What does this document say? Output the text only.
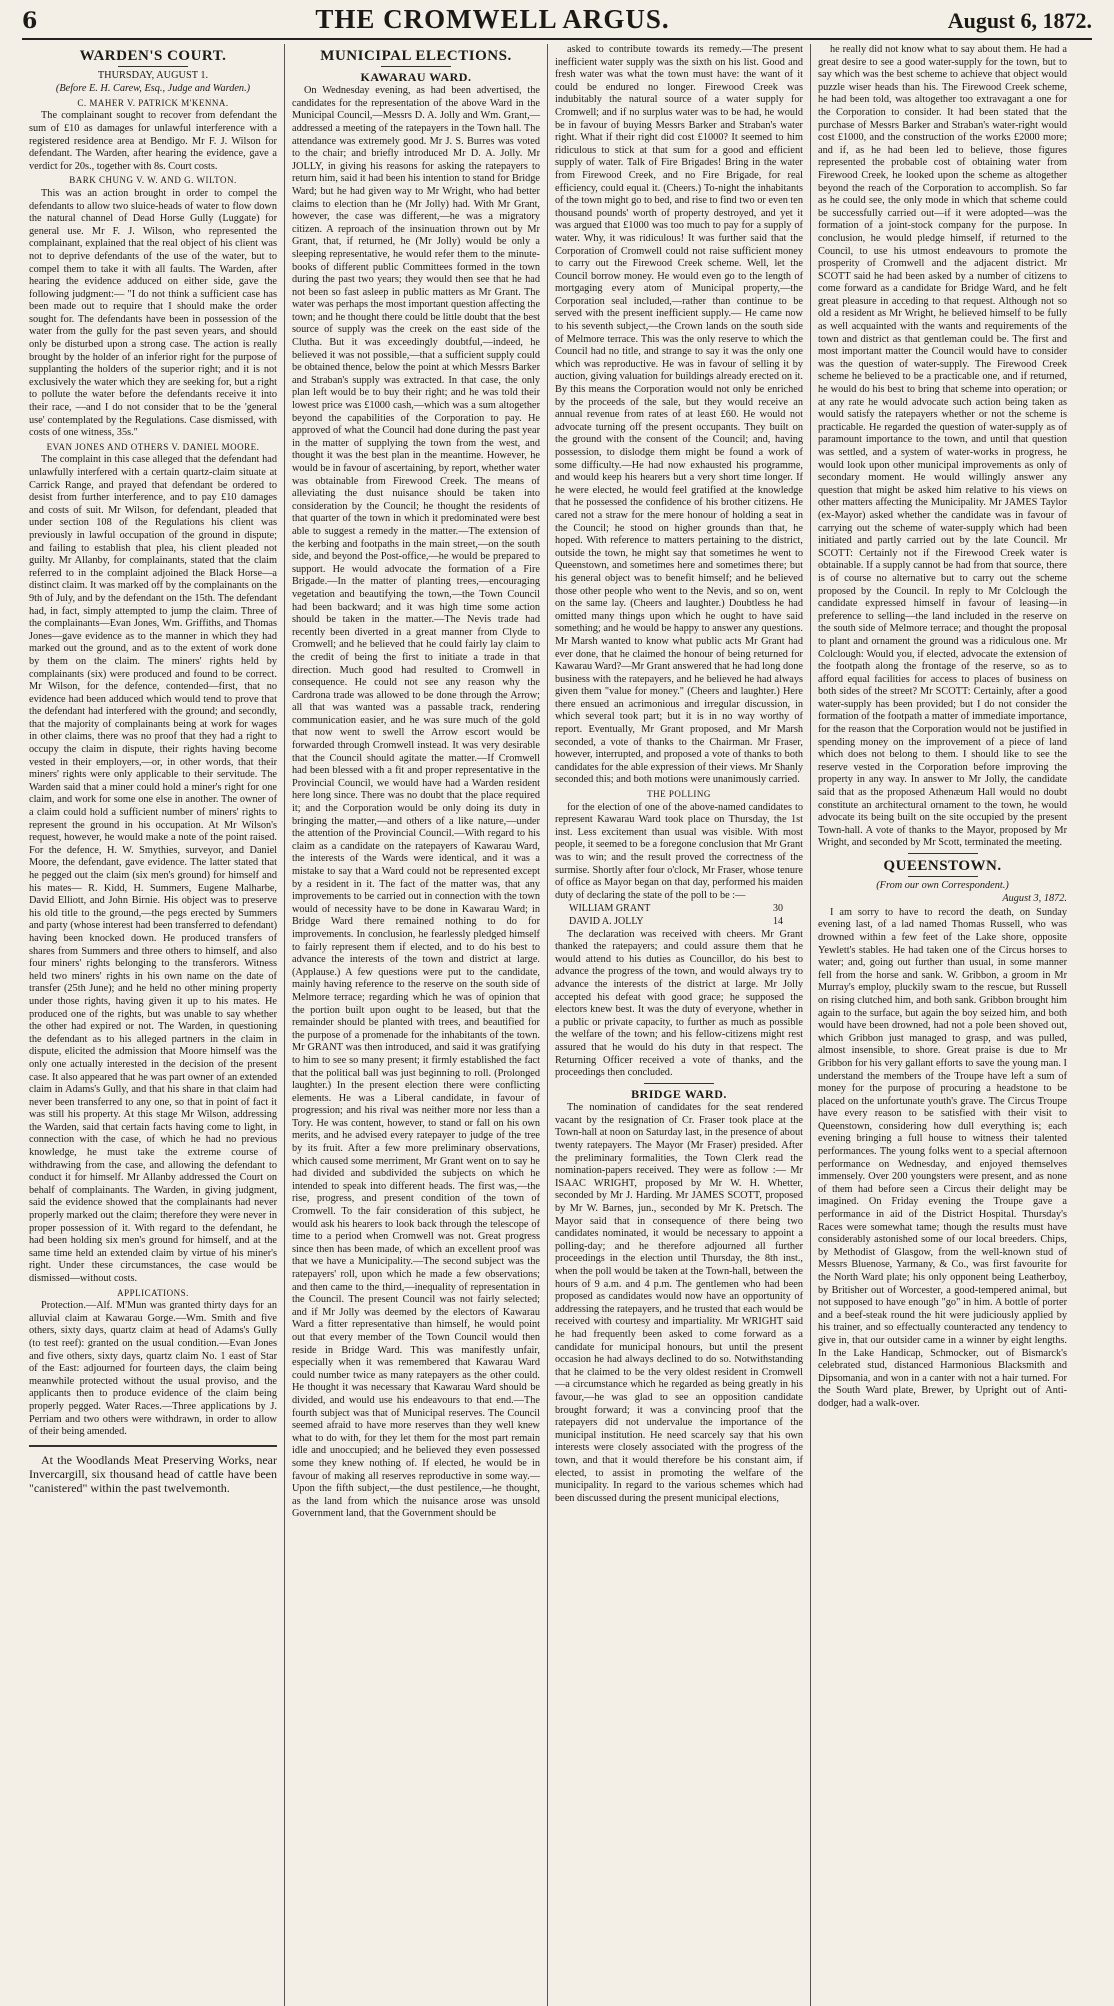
6	THE CROMWELL ARGUS.	August 6, 1872.
WARDEN'S COURT.

THURSDAY, AUGUST 1.

(Before E. H. Carew, Esq., Judge and Warden.)

C. MAHER V. PATRICK M'KENNA.

The complainant sought to recover from defendant the sum of £10 as damages for unlawful interference with a registered residence area at Bendigo. Mr F. J. Wilson for defendant. The Warden, after hearing the evidence, gave a verdict for 20s., together with 8s. Court costs.

BARK CHUNG V. W. AND G. WILTON.

This was an action brought in order to compel the defendants to allow two sluice-heads of water to flow down the natural channel of Dead Horse Gully (Luggate) for general use. Mr F. J. Wilson, who represented the complainant, explained that the real object of his client was not to deprive defendants of the use of the water, but to compel them to take it with all faults. The Warden, after hearing the evidence adduced on either side, gave the following judgment:— "I do not think a sufficient case has been made out to require that I should make the order sought for. The defendants have been in possession of the water from the gully for the past seven years, and should only be disturbed upon a strong case. The action is really brought by the holder of an inferior right for the purpose of supplanting the holders of the superior right; and it is not exclusively the water which they are seeking for, but a right to pollute the water before the defendants receive it into their race, —and I do not consider that to be the 'general use' contemplated by the Regulations. Case dismissed, with costs of one witness, 35s."

EVAN JONES AND OTHERS V. DANIEL MOORE.

The complaint in this case alleged that the defendant had unlawfully interfered with a certain quartz-claim situate at Carrick Range, and prayed that defendant be ordered to desist from further interference, and to pay £10 damages and costs of suit. Mr Wilson, for defendant, pleaded that under section 108 of the Regulations his client was previously in lawful occupation of the ground in dispute; and failing to establish that plea, his client pleaded not guilty. Mr Allanby, for complainants, stated that the claim referred to in the complaint adjoined the Black Horse—a distinct claim. It was marked off by the complainants on the 9th of July, and by the defendant on the 15th. The defendant had, in fact, simply attempted to jump the claim. Three of the complainants—Evan Jones, Wm. Griffiths, and Thomas Jones—gave evidence as to the manner in which they had marked out the ground, and as to the extent of work done by them on the claim. The miners' rights held by complainants (six) were produced and found to be correct. Mr Wilson, for the defence, contended—first, that no evidence had been adduced which would tend to prove that the defendant had interfered with the ground; and secondly, that the majority of complainants being at work for wages in other claims, there was no proof that they had a right to occupy the claim in dispute, their rights having become vested in their employers,—or, in other words, that their miners' rights were only applicable to their servitude. The Warden said that a miner could hold a miner's right for one claim, and work for some one else in another. The owner of a claim could hold a sufficient number of miners' rights to represent the ground in his occupation. At Mr Wilson's request, however, he would make a note of the point raised. For the defence, H. W. Smythies, surveyor, and Daniel Moore, the defendant, gave evidence. The latter stated that he pegged out the claim (six men's ground) for himself and his mates— R. Kidd, H. Summers, Eugene Malharbe, David Elliott, and John Birnie. His object was to preserve his old title to the ground,—the pegs erected by Summers and party (whose interest had been transferred to defendant) having been knocked down. He produced transfers of shares from Summers and three others to himself, and also four miners' rights belonging to the transferors. Witness held two miners' rights in his own name on the date of transfer (25th June); and he held no other mining property under those rights, having given it up to his mates. He produced one of the rights, but was unable to say whether the other had expired or not. The Warden, in questioning the defendant as to his alleged partners in the claim in dispute, elicited the admission that Moore himself was the only one actually interested in the decision of the present case. It also appeared that he was part owner of an extended claim in Adams's Gully, and that his share in that claim had never been transferred to any one, so that in point of fact it was still his property. At this stage Mr Wilson, addressing the Warden, said that certain facts having come to light, in connection with the case, of which he had no previous knowledge, he must take the extreme course of withdrawing from the case, and allowing the defendant to conduct it for himself. Mr Allanby addressed the Court on behalf of complainants. The Warden, in giving judgment, said the evidence showed that the complainants had never properly marked out the claim; therefore they were never in proper possession of it. With regard to the defendant, he had been holding six men's ground for himself, and at the same time held an extended claim by virtue of his miner's right. Under these circumstances, the case would be dismissed—without costs.

APPLICATIONS.

Protection.—Alf. M'Mun was granted thirty days for an alluvial claim at Kawarau Gorge.—Wm. Smith and five others, sixty days, quartz claim at head of Adams's Gully (to test reef): granted on the usual condition.—Evan Jones and five others, sixty days, quartz claim No. 1 east of Star of the East: adjourned for fourteen days, the claim being meanwhile protected without the usual proviso, and the applicants then to produce evidence of the claim being properly pegged. Water Races.—Three applications by J. Perriam and two others were withdrawn, in order to allow of their being amended.

At the Woodlands Meat Preserving Works, near Invercargill, six thousand head of cattle have been "canistered" within the past twelvemonth.

MUNICIPAL ELECTIONS.
KAWARAU WARD.

On Wednesday evening, as had been advertised, the candidates for the representation of the above Ward in the Municipal Council,—Messrs D. A. Jolly and Wm. Grant,—addressed a meeting of the ratepayers in the Town hall. The attendance was extremely good. Mr J. S. Burres was voted to the chair; and briefly introduced Mr D. A. Jolly. Mr JOLLY, in giving his reasons for asking the ratepayers to return him, said it had been his intention to stand for Bridge Ward; but he had given way to Mr Wright, who had better claims to election than he (Mr Jolly) had. With Mr Grant, however, the case was different,—he was a migratory citizen. A reproach of the insinuation thrown out by Mr Grant, that, if returned, he (Mr Jolly) would be only a sleeping representative, he would refer them to the minute-books of different public Committees formed in the town during the past two years; they would then see that he had not been so fast asleep in public matters as Mr Grant. The water was perhaps the most important question affecting the town; and he thought there could be little doubt that the best source of supply was the creek on the east side of the Clutha. But it was exceedingly doubtful,—indeed, he believed it was not possible,—that a sufficient supply could be obtained thence, below the point at which Messrs Barker and Straban's supply was extracted. In that case, the only plan left would be to buy their right; and he was told their lowest price was £1000 cash,—which was a sum altogether beyond the capabilities of the Corporation to pay. He approved of what the Council had done during the past year in the matter of supplying the town from the west, and thought it was the best plan in the meantime. However, he would be in favour of ascertaining, by report, whether water was obtainable from Firewood Creek. The means of alleviating the dust nuisance should be taken into consideration by the Council; he thought the residents of that quarter of the town in which it predominated were best able to suggest a remedy in the matter.—The extension of the kerbing and footpaths in the main street,—on the south side, and beyond the Post-office,—he would be prepared to support. He would advocate the formation of a Fire Brigade.—In the matter of planting trees,—encouraging vegetation and beautifying the town,—the Town Council had been backward; and it was high time some action should be taken in the matter.—The Nevis trade had recently been diverted in a great manner from Clyde to Cromwell; and he believed that he could fairly lay claim to the credit of being the first to initiate a trade in that direction. Much good had resulted to Cromwell in consequence. He could not see any reason why the Cardrona trade was allowed to be done through the Arrow; all that was wanted was a passable track, rendering communication easier, and he was sure much of the gold that now went to swell the Arrow escort would be forwarded through Cromwell instead. It was very desirable that the Council should agitate the matter.—If Cromwell had been blessed with a fit and proper representative in the Provincial Council, we would have had a Warden resident here long since. There was no doubt that the place required it; and the Corporation would be only doing its duty in bringing the matter,—and others of a like nature,—under the attention of the Provincial Council.—With regard to his claim as a candidate on the ratepayers of Kawarau Ward, the interests of the Wards were identical, and it was a mistake to say that a Ward could not be represented except by a resident in it. The fact of the matter was, that any improvements to be carried out in connection with the town would of necessity have to be done in Kawarau Ward; in Bridge Ward there remained nothing to do for improvements. In conclusion, he fearlessly pledged himself to fairly represent them if elected, and to do his best to advance the interests of the town and district at large. (Applause.) A few questions were put to the candidate, mainly having reference to the reserve on the south side of Melmore terrace; regarding which he was of opinion that the portion built upon ought to be leased, but that the remainder should be planted with trees, and beautified for the purpose of a promenade for the inhabitants of the town. Mr GRANT was then introduced, and said it was gratifying to him to see so many present; it firmly established the fact that the political ball was just beginning to roll. (Prolonged laughter.) In the present election there were conflicting elements. He was a Liberal candidate, in favour of progression; and his rival was neither more nor less than a Tory. He was content, however, to stand or fall on his own merits, and he advised every ratepayer to judge of the tree by its fruit. After a few more preliminary observations, which caused some merriment, Mr Grant went on to say he had divided and subdivided the subjects on which he intended to speak into different heads. The first was,—the rise, progress, and present condition of the town of Cromwell. To the fair consideration of this subject, he would ask his hearers to look back through the telescope of time to a period when Cromwell was not. Great progress since then has been made, of which an excellent proof was that we have a Municipality.—The second subject was the ratepayers' roll, upon which he made a few observations; and then came to the third,—inequality of representation in the Council. The present Council was not fairly selected; and if Mr Jolly was deemed by the electors of Kawarau Ward a fitter representative than himself, he would point out that every member of the Town Council would then reside in Bridge Ward. This was manifestly unfair, especially when it was remembered that Kawarau Ward could number twice as many ratepayers as the other could. He thought it was necessary that Kawarau Ward should be divided, and would use his endeavours to that end.—The fourth subject was that of Municipal reserves. The Council seemed afraid to have more reserves than they well knew what to do with, for they let them for the most part remain idle and unoccupied; and he believed they even possessed some they knew nothing of. If elected, he would be in favour of making all reserves reproductive in some way.—Upon the fifth subject,—the dust pestilence,—he thought, as the land from which the nuisance arose was unsold Government land, that the Government should be

asked to contribute towards its remedy.—The present inefficient water supply was the sixth on his list. Good and fresh water was what the town must have: the want of it could be endured no longer. Firewood Creek was indubitably the natural source of a water supply for Cromwell; and if no surplus water was to be had, he would be in favour of buying Messrs Barker and Straban's water right. What if their right did cost £1000? It seemed to him ridiculous to stick at that sum for a good and efficient supply of water. Talk of Fire Brigades! Bring in the water from Firewood Creek, and no Fire Brigade, for real efficiency, could equal it. (Cheers.) To-night the inhabitants of the town might go to bed, and rise to find two or even ten thousand pounds' worth of property destroyed, and yet it was argued that £1000 was too much to pay for a supply of water. Why, it was ridiculous! It was further said that the Corporation of Cromwell could not raise sufficient money to carry out the Firewood Creek scheme. Well, let the Council borrow money. He would even go to the length of mortgaging every atom of Municipal property,—the Corporation seal included,—rather than continue to be served with the present inefficient supply.— He came now to his seventh subject,—the Crown lands on the south side of Melmore terrace. This was the only reserve to which the Council had no title, and strange to say it was the only one which was reproductive. He was in favour of selling it by auction, giving valuation for buildings already erected on it. By this means the Corporation would not only be enriched by the proceeds of the sale, but they would receive an annual revenue from rates of at least £60. He would not advocate turning off the present occupants. They built on the ground with the consent of the Council; and, having possession, to dislodge them might be found a work of some difficulty.—He had now exhausted his programme, and would keep his hearers but a very short time longer. If he were elected, he would feel gratified at the knowledge that he possessed the confidence of his brother citizens. He cared not a straw for the mere honour of holding a seat in the Council; he stood on higher grounds than that, he hoped. With reference to matters pertaining to the district, outside the town, he might say that sometimes he went to Queenstown, and sometimes here and sometimes there; but his general object was to benefit himself; and he believed those other people who went to the Nevis, and so on, went on the same lay. (Cheers and laughter.) Doubtless he had omitted many things upon which he ought to have said something; and he would be happy to answer any questions. Mr Marsh wanted to know what public acts Mr Grant had ever done, that he claimed the honour of being returned for Kawarau Ward?—Mr Grant answered that he had long done business with the ratepayers, and he believed he had always given them "value for money." (Cheers and laughter.) Here there ensued an acrimonious and irregular discussion, in which several took part; but it is in no way worthy of report. Eventually, Mr Grant proposed, and Mr Marsh seconded, a vote of thanks to the Chairman. Mr Fraser, however, interrupted, and proposed a vote of thanks to both candidates for the able expression of their views. Mr Shanly seconded this; and both motions were unanimously carried.

THE POLLING

for the election of one of the above-named candidates to represent Kawarau Ward took place on Thursday, the 1st inst. Less excitement than usual was visible. With most people, it seemed to be a foregone conclusion that Mr Grant was to win; and the result proved the correctness of the surmise. Shortly after four o'clock, Mr Fraser, whose tenure of office as Mayor began on that day, performed his maiden duty of declaring the state of the poll to be :—

WILLIAM GRANT	30
DAVID A. JOLLY	14

The declaration was received with cheers. Mr Grant thanked the ratepayers; and could assure them that he would attend to his duties as Councillor, do his best to advance the progress of the town, and would always try to advance the interests of the district at large. Mr Jolly accepted his defeat with good grace; he supposed the electors knew best. It was the duty of everyone, whether in a public or private capacity, to further as much as possible the welfare of the town; and his fellow-citizens might rest assured that he would do his duty in that respect. The Returning Officer received a vote of thanks, and the proceedings then concluded.

BRIDGE WARD.

The nomination of candidates for the seat rendered vacant by the resignation of Cr. Fraser took place at the Town-hall at noon on Saturday last, in the presence of about twenty ratepayers. The Mayor (Mr Fraser) presided. After the preliminary formalities, the Town Clerk read the nomination-papers received. They were as follow :— Mr ISAAC WRIGHT, proposed by Mr W. H. Whetter, seconded by Mr J. Harding. Mr JAMES SCOTT, proposed by Mr W. Barnes, jun., seconded by Mr K. Pretsch. The Mayor said that in consequence of there being two candidates nominated, it would be necessary to appoint a polling-day; and he therefore adjourned all further proceedings in the election until Thursday, the 8th inst., when the poll would be taken at the Town-hall, between the hours of 9 a.m. and 4 p.m. The gentlemen who had been proposed as candidates would now have an opportunity of addressing the ratepayers, and he trusted that each would be received with courtesy and impartiality. Mr WRIGHT said he had frequently been asked to come forward as a candidate for municipal honours, but until the present occasion he had always declined to do so. Notwithstanding that he claimed to be the very oldest resident in Cromwell—a circumstance which he regarded as being greatly in his favour,—he was glad to see an opposition candidate brought forward; it was a convincing proof that the ratepayers did not undervalue the importance of the municipal institution. He need scarcely say that his own interests were closely associated with the progress of the town, and that it would therefore be his constant aim, if elected, to assist in promoting the welfare of the municipality. In regard to the various schemes which had been discussed during the present municipal elections,

he really did not know what to say about them. He had a great desire to see a good water-supply for the town, but to say which was the best scheme to achieve that object would puzzle wiser heads than his. The Firewood Creek scheme, he had been told, was altogether too extravagant a one for the Corporation to consider. It had been stated that the purchase of Messrs Barker and Straban's water-right would cost £1000, and the construction of the works £2000 more; and if, as he had been led to believe, those figures represented the probable cost of obtaining water from Firewood Creek, he looked upon the scheme as altogether beyond the reach of the Corporation to accomplish. So far as he could see, the only mode in which that scheme could be successfully carried out—if it were adopted—was the formation of a joint-stock company for the purpose. In conclusion, he would pledge himself, if returned to the Council, to use his utmost endeavours to promote the prosperity of Cromwell and the adjacent district. Mr SCOTT said he had been asked by a number of citizens to come forward as a candidate for Bridge Ward, and he felt great pleasure in acceding to that request. Although not so old a resident as Mr Wright, he believed himself to be fully as well acquainted with the wants and requirements of the town and district as that gentleman could be. The first and most important matter the Council would have to consider was the question of water-supply. The Firewood Creek scheme he believed to be a practicable one, and if returned, he would do his best to bring that scheme into operation; or at any rate he would advocate such action being taken as would satisfy the ratepayers whether or not the scheme is practicable. He regarded the question of water-supply as of paramount importance to the town, and until that question was settled, and a system of water-works in progress, he would look upon other municipal improvements as only of secondary moment. He would willingly answer any question that might be asked him relative to his views on other matters affecting the Municipality. Mr JAMES Taylor (ex-Mayor) asked whether the candidate was in favour of carrying out the scheme of water-supply which had been initiated and partly carried out by the late Council. Mr SCOTT: Certainly not if the Firewood Creek water is obtainable. If a supply cannot be had from that source, there is of course no alternative but to carry out the scheme proposed by the Council. In reply to Mr Colclough the candidate expressed himself in favour of leasing—in preference to selling—the land included in the reserve on the south side of Melmore terrace; and thought the proposal to plant and ornament the ground was a ridiculous one. Mr Colclough: Would you, if elected, advocate the extension of the footpath along the frontage of the reserve, so as to afford equal facilities for access to places of business on both sides of the street? Mr SCOTT: Certainly, after a good water-supply has been provided; but I do not consider the formation of the footpath a matter of immediate importance, for the reason that the Corporation would not be justified in spending money on the improvement of a piece of land which does not belong to them. I should like to see the reserve vested in the Corporation before improving the property in any way. In answer to Mr Jolly, the candidate said that as the proposed Athenæum Hall would no doubt constitute an architectural ornament to the town, he would advocate its being built on the site occupied by the present Town-hall. A vote of thanks to the Mayor, proposed by Mr Wright, and seconded by Mr Scott, terminated the meeting.

QUEENSTOWN.

(From our own Correspondent.)

August 3, 1872.

I am sorry to have to record the death, on Sunday evening last, of a lad named Thomas Russell, who was drowned within a few feet of the Lake shore, opposite Yewlett's stables. He had taken one of the Circus horses to water; and, going out further than usual, in some manner fell from the horse and sank. W. Gribbon, a groom in Mr Murray's employ, pluckily swam to the rescue, but Russell on rising clutched him, and both sank. Gribbon brought him again to the surface, but again the boy seized him, and both would have been drowned, had not a pole been shoved out, which Gribbon just managed to grasp, and was pulled, almost insensible, to shore. Great praise is due to Mr Gribbon for his very gallant efforts to save the young man. I understand the members of the Troupe have left a sum of money for the purpose of procuring a headstone to be placed on the unfortunate youth's grave. The Circus Troupe have every reason to be satisfied with their visit to Queenstown, considering how dull everything is; each evening bringing a full house to witness their talented performances. The young folks went to a special afternoon performance on Wednesday, and enjoyed themselves immensely. Over 200 youngsters were present, and as none of them had before seen a Circus their delight may be imagined. On Friday evening the Troupe gave a performance in aid of the District Hospital. Thursday's Races were somewhat tame; though the results must have considerably astonished some of our local breeders. Chips, by Methodist of Glasgow, from the well-known stud of Messrs Bluenose, Yarmany, & Co., was first favourite for the North Ward plate; his only opponent being Leatherboy, by Britisher out of Worcester, a good-tempered animal, but not supposed to have enough "go" in him. A bottle of porter and a beef-steak round the hit were judiciously applied by his trainer, and so effectually counteracted any tendency to give in, that our outsider came in a winner by eight lengths. In the Lake Handicap, Schmocker, out of Bismarck's celebrated stud, distanced Harmonious Blacksmith and Dipsomania, and won in a canter with not a hair turned. For the South Ward plate, Brewer, by Upright out of Anti-dodger, had a walk-over.
